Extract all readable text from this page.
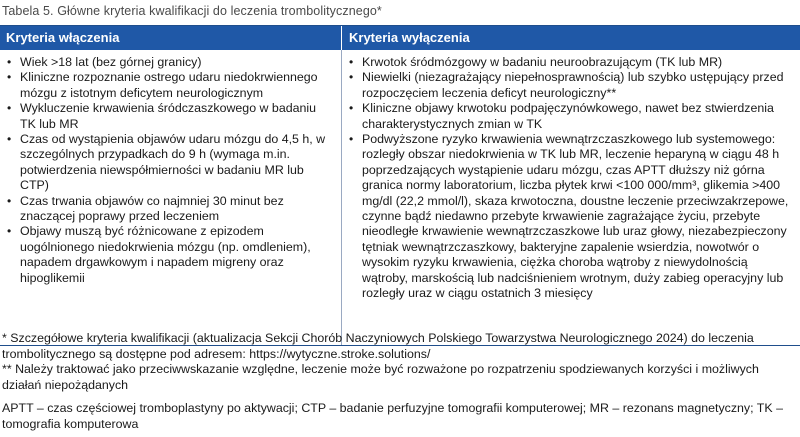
Tabela 5. Główne kryteria kwalifikacji do leczenia trombolitycznego*
Kryteria włączenia	Kryteria wyłączenia
• Wiek >18 lat (bez górnej granicy)
• Kliniczne rozpoznanie ostrego udaru niedokrwiennego mózgu z istotnym deficytem neurologicznym
• Wykluczenie krwawienia śródczaszkowego w badaniu TK lub MR
• Czas od wystąpienia objawów udaru mózgu do 4,5 h, w szczególnych przypadkach do 9 h (wymaga m.in. potwierdzenia niewspółmierności w badaniu MR lub CTP)
• Czas trwania objawów co najmniej 30 minut bez znaczącej poprawy przed leczeniem
• Objawy muszą być różnicowane z epizodem uogólnionego niedokrwienia mózgu (np. omdleniem), napadem drgawkowym i napadem migreny oraz hipoglikemii
• Krwotok śródmózgowy w badaniu neuroobrazującym (TK lub MR)
• Niewielki (niezagrażający niepełnosprawnością) lub szybko ustępujący przed rozpoczęciem leczenia deficyt neurologiczny**
• Kliniczne objawy krwotoku podpajęczynówkowego, nawet bez stwierdzenia charakterystycznych zmian w TK
• Podwyższone ryzyko krwawienia wewnątrzczaszkowego lub systemowego: rozległy obszar niedokrwienia w TK lub MR, leczenie heparyną w ciągu 48 h poprzedzających wystąpienie udaru mózgu, czas APTT dłuższy niż górna granica normy laboratorium, liczba płytek krwi <100 000/mm³, glikemia >400 mg/dl (22,2 mmol/l), skaza krwotoczna, doustne leczenie przeciwzakrzepowe, czynne bądź niedawno przebyte krwawienie zagrażające życiu, przebyte nieodległe krwawienie wewnątrzczaszkowe lub uraz głowy, niezabezpieczony tętniak wewnątrzczaszkowy, bakteryjne zapalenie wsierdzia, nowotwór o wysokim ryzyku krwawienia, ciężka choroba wątroby z niewydolnością wątroby, marskością lub nadciśnieniem wrotnym, duży zabieg operacyjny lub rozległy uraz w ciągu ostatnich 3 miesięcy

* Szczegółowe kryteria kwalifikacji (aktualizacja Sekcji Chorób Naczyniowych Polskiego Towarzystwa Neurologicznego 2024) do leczenia trombolitycznego są dostępne pod adresem: https://wytyczne.stroke.solutions/

** Należy traktować jako przeciwwskazanie względne, leczenie może być rozważone po rozpatrzeniu spodziewanych korzyści i możliwych działań niepożądanych

APTT – czas częściowej tromboplastyny po aktywacji; CTP – badanie perfuzyjne tomografii komputerowej; MR – rezonans magnetyczny; TK – tomografia komputerowa
